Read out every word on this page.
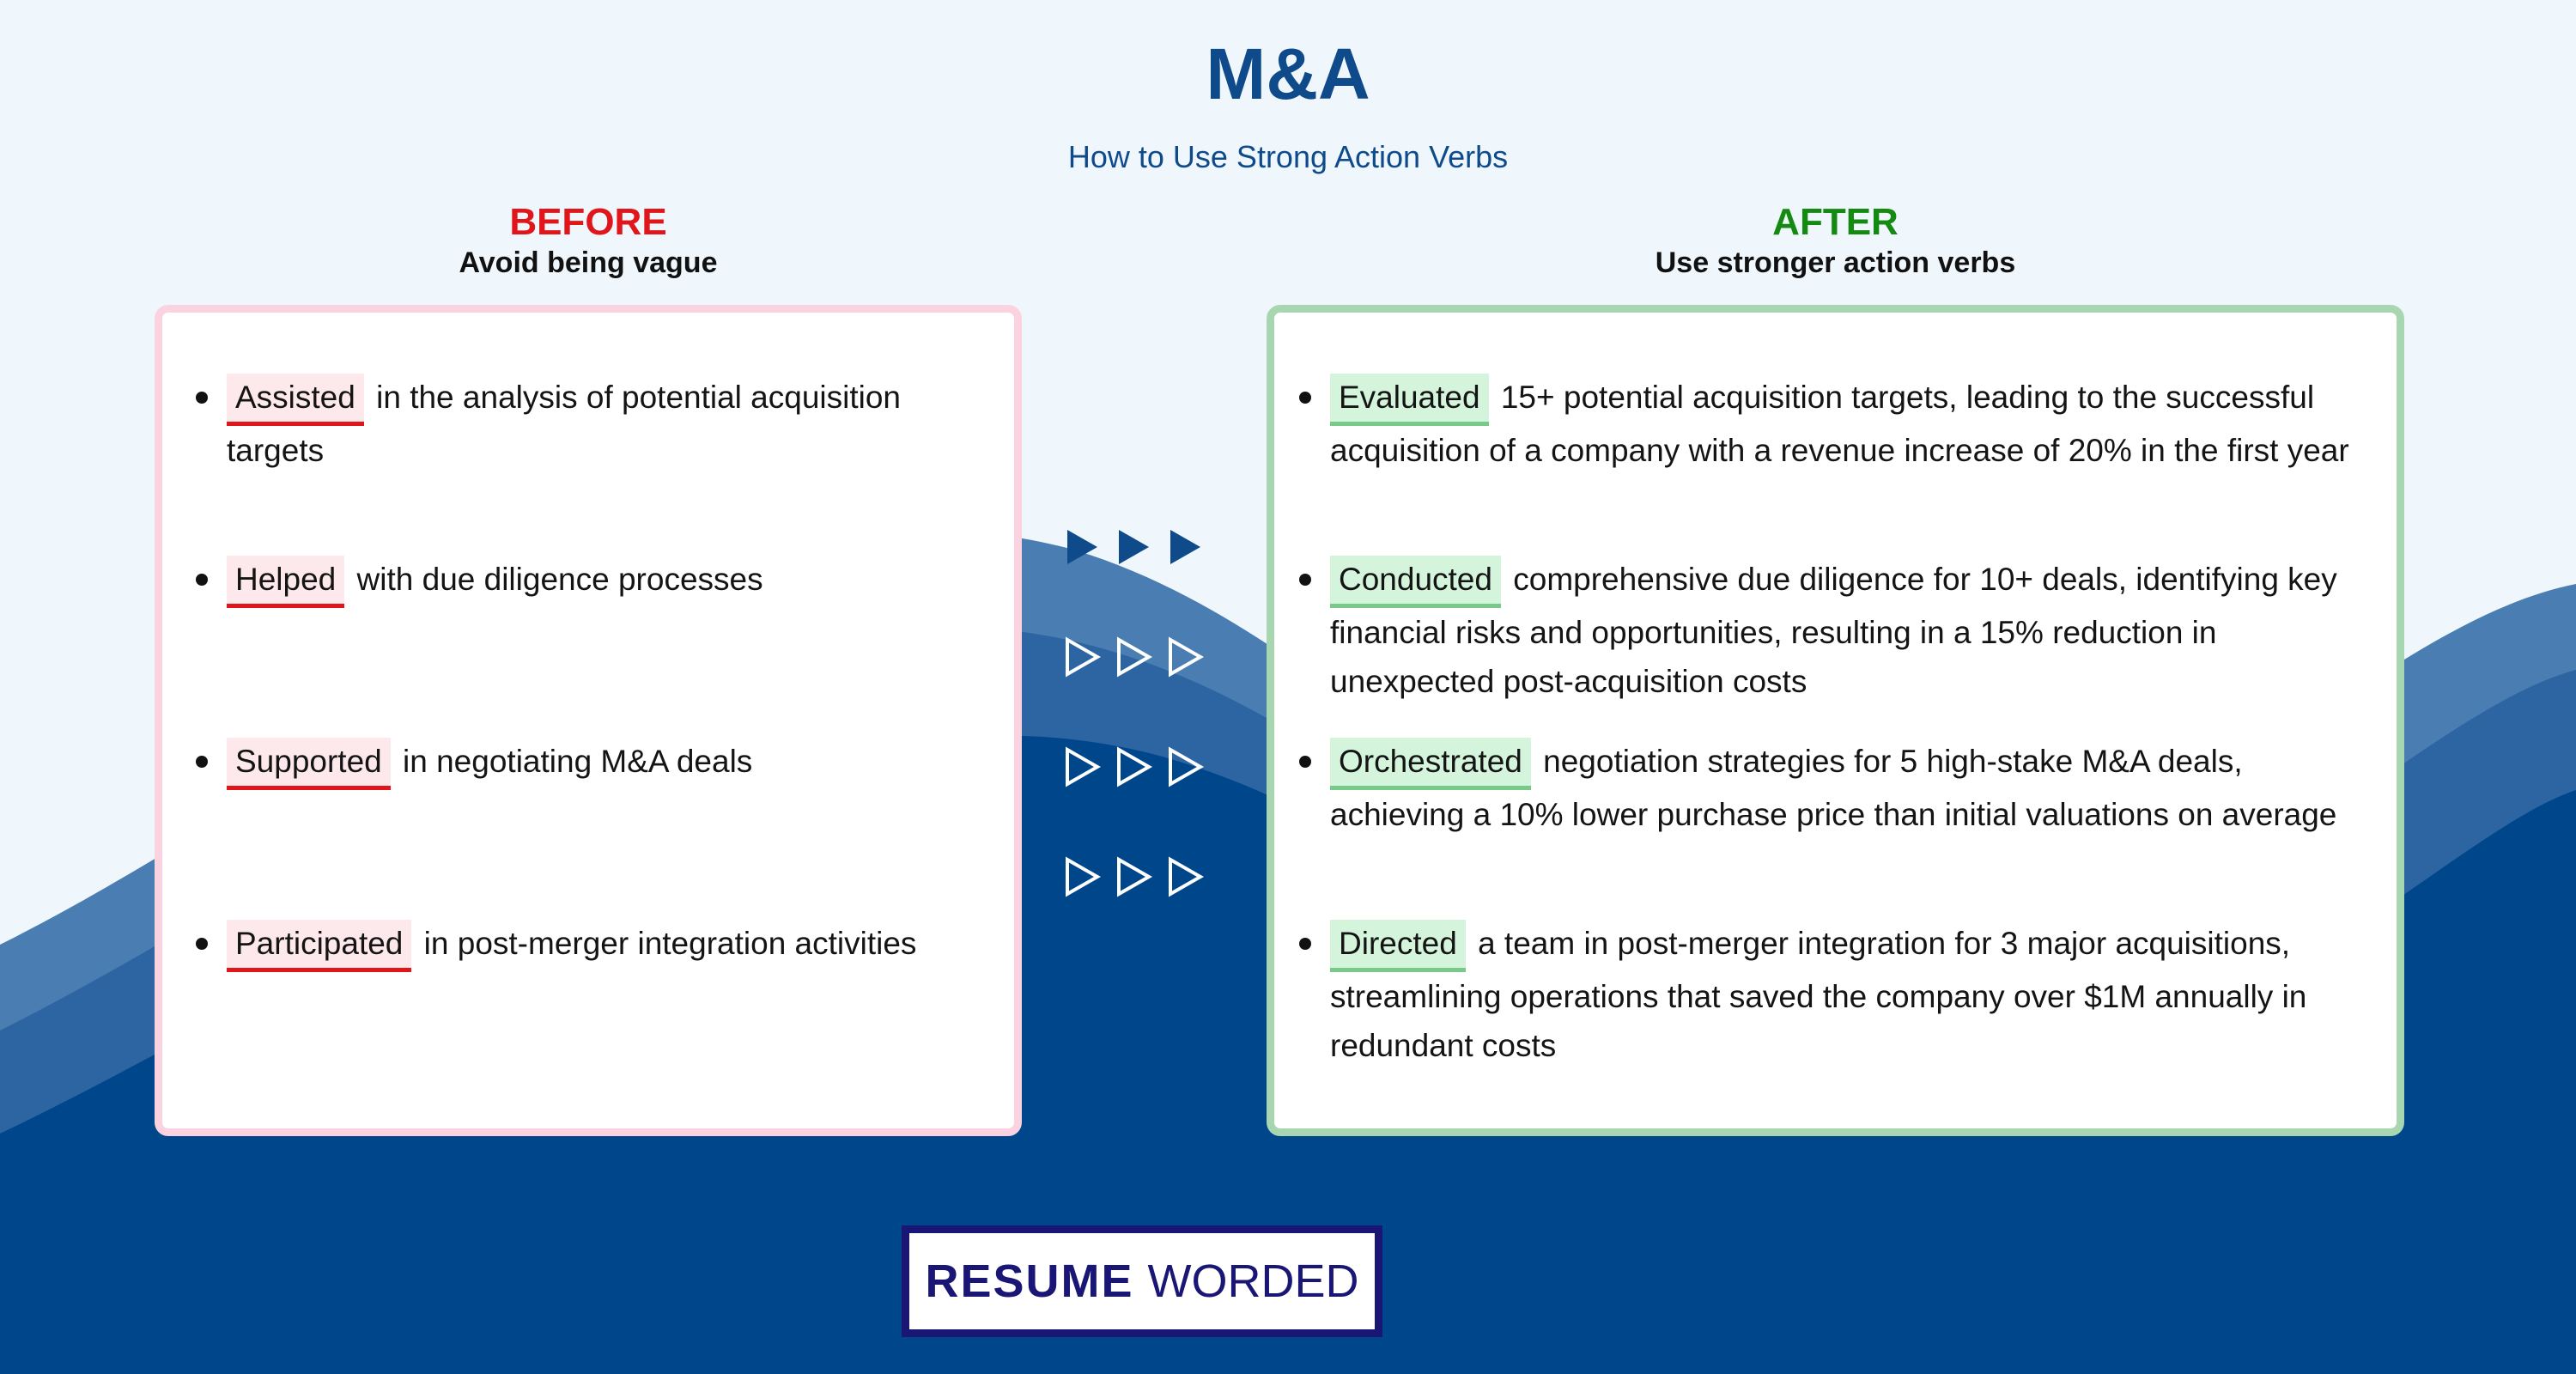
M&A
How to Use Strong Action Verbs
BEFORE
Avoid being vague
AFTER
Use stronger action verbs
Assisted in the analysis of potential acquisition targets
Helped with due diligence processes
Supported in negotiating M&A deals
Participated in post-merger integration activities
Evaluated 15+ potential acquisition targets, leading to the successful acquisition of a company with a revenue increase of 20% in the first year
Conducted comprehensive due diligence for 10+ deals, identifying key financial risks and opportunities, resulting in a 15% reduction in unexpected post-acquisition costs
Orchestrated negotiation strategies for 5 high-stake M&A deals, achieving a 10% lower purchase price than initial valuations on average
Directed a team in post-merger integration for 3 major acquisitions, streamlining operations that saved the company over $1M annually in redundant costs
RESUME WORDED
